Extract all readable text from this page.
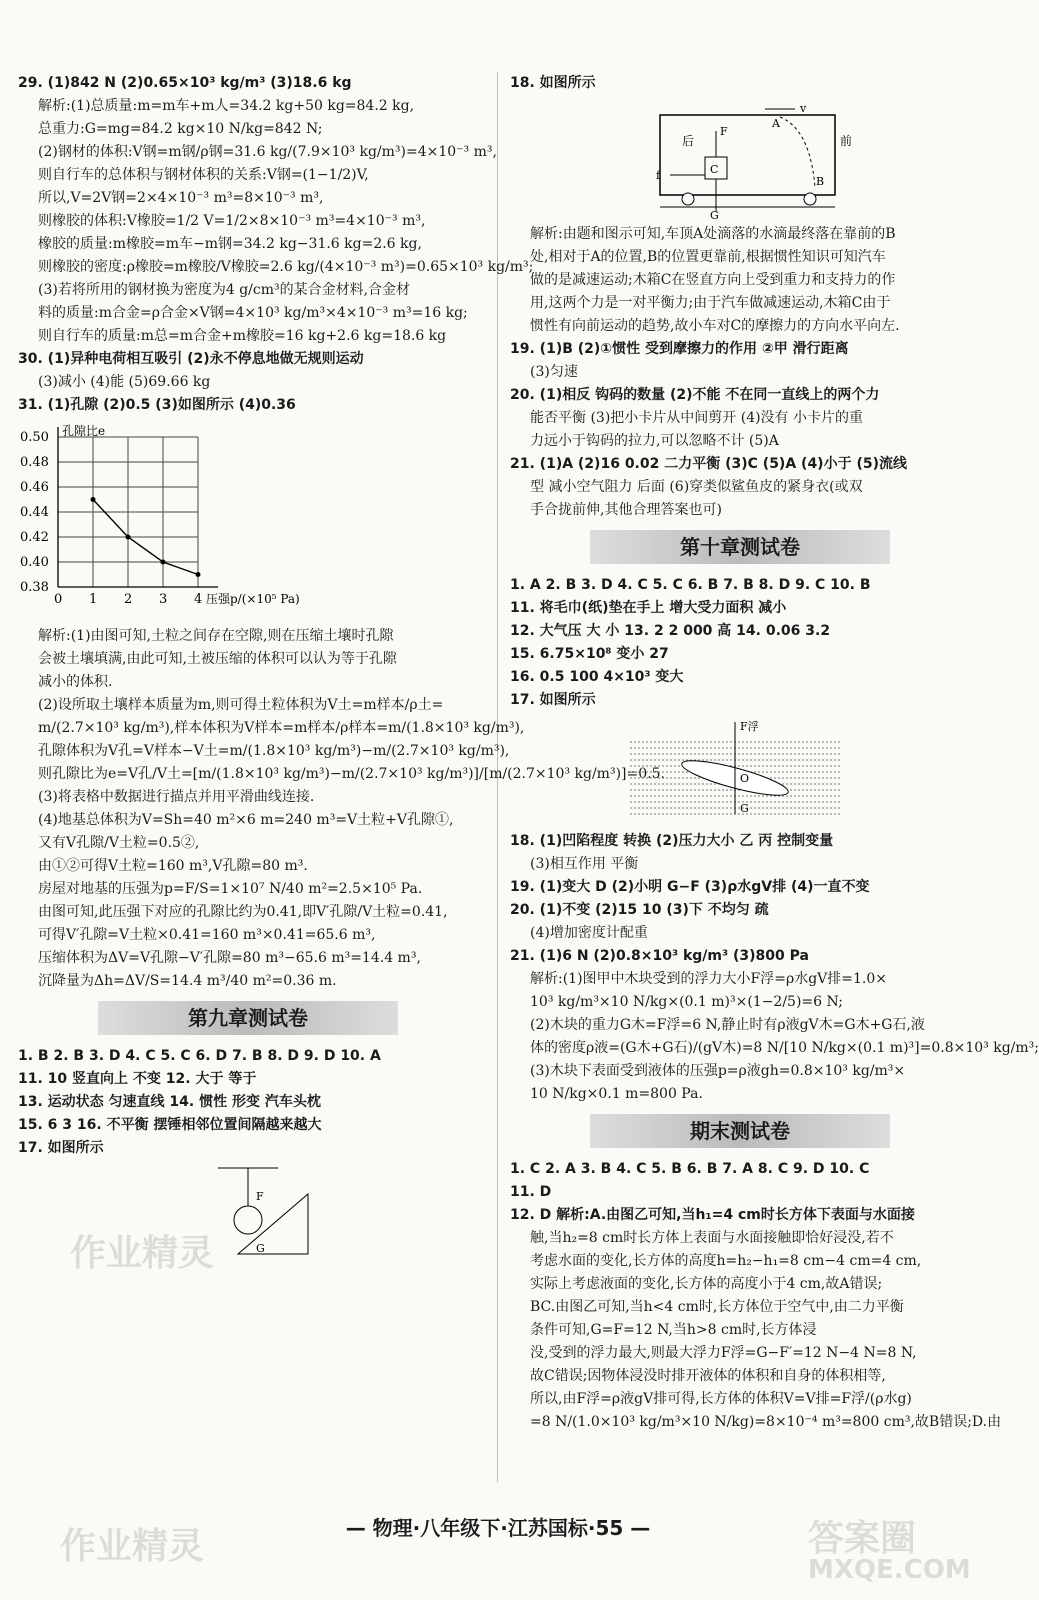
29. (1)842 N (2)0.65×10³ kg/m³ (3)18.6 kg
解析:(1)总质量:m=m车+m人=34.2 kg+50 kg=84.2 kg,
总重力:G=mg=84.2 kg×10 N/kg=842 N;
(2)钢材的体积:V钢=m钢/ρ钢=31.6 kg/(7.9×10³ kg/m³)=4×10⁻³ m³,
则自行车的总体积与钢材体积的关系:V钢=(1−1/2)V,
所以,V=2V钢=2×4×10⁻³ m³=8×10⁻³ m³,
则橡胶的体积:V橡胶=1/2 V=1/2×8×10⁻³ m³=4×10⁻³ m³,
橡胶的质量:m橡胶=m车−m钢=34.2 kg−31.6 kg=2.6 kg,
则橡胶的密度:ρ橡胶=m橡胶/V橡胶=2.6 kg/(4×10⁻³ m³)=0.65×10³ kg/m³;
(3)若将所用的钢材换为密度为4 g/cm³的某合金材料,合金材
料的质量:m合金=ρ合金×V钢=4×10³ kg/m³×4×10⁻³ m³=16 kg;
则自行车的质量:m总=m合金+m橡胶=16 kg+2.6 kg=18.6 kg
30. (1)异种电荷相互吸引 (2)永不停息地做无规则运动
(3)减小 (4)能 (5)69.66 kg
31. (1)孔隙 (2)0.5 (3)如图所示 (4)0.36
0 1 2 3 4
0.38
0.40
0.42
0.44
0.46
0.48
0.50 孔隙比e
压强p/(×10⁵ Pa)
解析:(1)由图可知,土粒之间存在空隙,则在压缩土壤时孔隙
会被土壤填满,由此可知,土被压缩的体积可以认为等于孔隙
减小的体积.
(2)设所取土壤样本质量为m,则可得土粒体积为V土=m样本/ρ土=
m/(2.7×10³ kg/m³),样本体积为V样本=m样本/ρ样本=m/(1.8×10³ kg/m³),
孔隙体积为V孔=V样本−V土=m/(1.8×10³ kg/m³)−m/(2.7×10³ kg/m³),
则孔隙比为e=V孔/V土=[m/(1.8×10³ kg/m³)−m/(2.7×10³ kg/m³)]/[m/(2.7×10³ kg/m³)]=0.5.
(3)将表格中数据进行描点并用平滑曲线连接.
(4)地基总体积为V=Sh=40 m²×6 m=240 m³=V土粒+V孔隙①,
又有V孔隙/V土粒=0.5②,
由①②可得V土粒=160 m³,V孔隙=80 m³.
房屋对地基的压强为p=F/S=1×10⁷ N/40 m²=2.5×10⁵ Pa.
由图可知,此压强下对应的孔隙比约为0.41,即V′孔隙/V土粒=0.41,
可得V′孔隙=V土粒×0.41=160 m³×0.41=65.6 m³,
压缩体积为ΔV=V孔隙−V′孔隙=80 m³−65.6 m³=14.4 m³,
沉降量为Δh=ΔV/S=14.4 m³/40 m²=0.36 m.
第九章测试卷
1. B 2. B 3. D 4. C 5. C 6. D 7. B 8. D 9. D 10. A
11. 10 竖直向上 不变 12. 大于 等于
13. 运动状态 匀速直线 14. 惯性 形变 汽车头枕
15. 6 3 16. 不平衡 摆锤相邻位置间隔越来越大
17. 如图所示
F
G
18. 如图所示
v
A
B
C
F
f
G
后	前
解析:由题和图示可知,车顶A处滴落的水滴最终落在靠前的B
处,相对于A的位置,B的位置更靠前,根据惯性知识可知汽车
做的是减速运动;木箱C在竖直方向上受到重力和支持力的作
用,这两个力是一对平衡力;由于汽车做减速运动,木箱C由于
惯性有向前运动的趋势,故小车对C的摩擦力的方向水平向左.
19. (1)B (2)①惯性 受到摩擦力的作用 ②甲 滑行距离
(3)匀速
20. (1)相反 钩码的数量 (2)不能 不在同一直线上的两个力
能否平衡 (3)把小卡片从中间剪开 (4)没有 小卡片的重
力远小于钩码的拉力,可以忽略不计 (5)A
21. (1)A (2)16 0.02 二力平衡 (3)C (5)A (4)小于 (5)流线
型 减小空气阻力 后面 (6)穿类似鲨鱼皮的紧身衣(或双
手合拢前伸,其他合理答案也可)
第十章测试卷
1. A 2. B 3. D 4. C 5. C 6. B 7. B 8. D 9. C 10. B
11. 将毛巾(纸)垫在手上 增大受力面积 减小
12. 大气压 大 小 13. 2 2 000 高 14. 0.06 3.2
15. 6.75×10⁸ 变小 27
16. 0.5 100 4×10³ 变大
17. 如图所示
F浮
O
G
18. (1)凹陷程度 转换 (2)压力大小 乙 丙 控制变量
(3)相互作用 平衡
19. (1)变大 D (2)小明 G−F (3)ρ水gV排 (4)一直不变
20. (1)不变 (2)15 10 (3)下 不均匀 疏
(4)增加密度计配重
21. (1)6 N (2)0.8×10³ kg/m³ (3)800 Pa
解析:(1)图甲中木块受到的浮力大小F浮=ρ水gV排=1.0×
10³ kg/m³×10 N/kg×(0.1 m)³×(1−2/5)=6 N;
(2)木块的重力G木=F浮=6 N,静止时有ρ液gV木=G木+G石,液
体的密度ρ液=(G木+G石)/(gV木)=8 N/[10 N/kg×(0.1 m)³]=0.8×10³ kg/m³;
(3)木块下表面受到液体的压强p=ρ液gh=0.8×10³ kg/m³×
10 N/kg×0.1 m=800 Pa.
期末测试卷
1. C 2. A 3. B 4. C 5. B 6. B 7. A 8. C 9. D 10. C
11. D
12. D 解析:A.由图乙可知,当h₁=4 cm时长方体下表面与水面接
触,当h₂=8 cm时长方体上表面与水面接触即恰好浸没,若不
考虑水面的变化,长方体的高度h=h₂−h₁=8 cm−4 cm=4 cm,
实际上考虑液面的变化,长方体的高度小于4 cm,故A错误;
BC.由图乙可知,当h<4 cm时,长方体位于空气中,由二力平衡
条件可知,G=F=12 N,当h>8 cm时,长方体浸
没,受到的浮力最大,则最大浮力F浮=G−F′=12 N−4 N=8 N,
故C错误;因物体浸没时排开液体的体积和自身的体积相等,
所以,由F浮=ρ液gV排可得,长方体的体积V=V排=F浮/(ρ水g)
=8 N/(1.0×10³ kg/m³×10 N/kg)=8×10⁻⁴ m³=800 cm³,故B错误;D.由
— 物理·八年级下·江苏国标·55 —
作业精灵
作业精灵	答案圈
MXQE.COM
